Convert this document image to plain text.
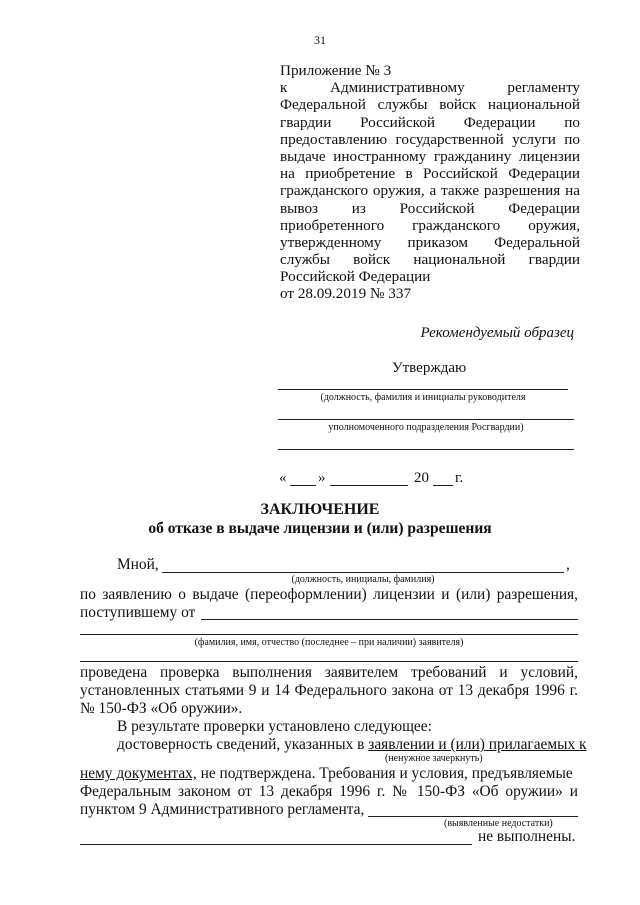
31
Приложение № 3
к Административному регламенту
Федеральной службы войск национальной
гвардии Российской Федерации по
предоставлению государственной услуги по
выдаче иностранному гражданину лицензии
на приобретение в Российской Федерации
гражданского оружия, а также разрешения на
вывоз из Российской Федерации
приобретенного гражданского оружия,
утвержденному приказом Федеральной
службы войск национальной гвардии
Российской Федерации
от 28.09.2019 № 337
Рекомендуемый образец
Утверждаю
(должность, фамилия и инициалы руководителя
уполномоченного подразделения Росгвардии)
« »	20 г.
ЗАКЛЮЧЕНИЕ
об отказе в выдаче лицензии и (или) разрешения
Мной,	,
(должность, инициалы, фамилия)
по заявлению о выдаче (переоформлении) лицензии и (или) разрешения,
поступившему от
(фамилия, имя, отчество (последнее – при наличии) заявителя)
проведена проверка выполнения заявителем требований и условий,
установленных статьями 9 и 14 Федерального закона от 13 декабря 1996 г.
№ 150-ФЗ «Об оружии».
В результате проверки установлено следующее:
достоверность сведений, указанных в заявлении и (или) прилагаемых к
(ненужное зачеркнуть)
нему документах, не подтверждена. Требования и условия, предъявляемые
Федеральным законом от 13 декабря 1996 г. № 150-ФЗ «Об оружии» и
пунктом 9 Административного регламента,
(выявленные недостатки)
не выполнены.
